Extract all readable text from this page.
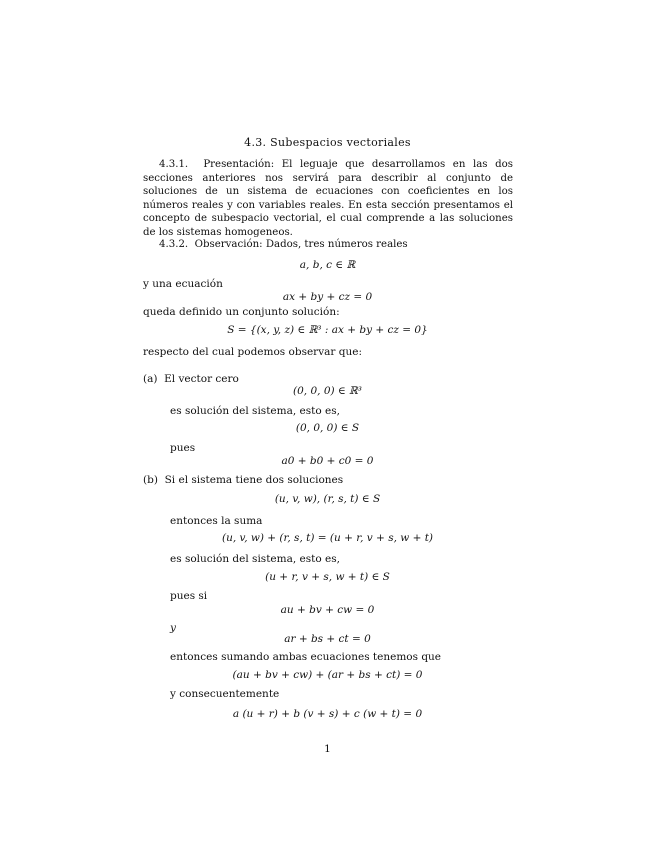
4.3. Subespacios vectoriales
4.3.1. Presentación: El leguaje que desarrollamos en las dos secciones anteriores nos servirá para describir al conjunto de soluciones de un sistema de ecuaciones con coeficientes en los números reales y con variables reales. En esta sección presentamos el concepto de subespacio vectorial, el cual comprende a las soluciones de los sistemas homogeneos.
4.3.2. Observación: Dados, tres números reales
a, b, c ∈ ℝ
y una ecuación
ax + by + cz = 0
queda definido un conjunto solución:
S = {(x, y, z) ∈ ℝ³ : ax + by + cz = 0}
respecto del cual podemos observar que:
(a) El vector cero
(0, 0, 0) ∈ ℝ³
es solución del sistema, esto es,
(0, 0, 0) ∈ S
pues
a0 + b0 + c0 = 0
(b) Si el sistema tiene dos soluciones
(u, v, w), (r, s, t) ∈ S
entonces la suma
(u, v, w) + (r, s, t) = (u + r, v + s, w + t)
es solución del sistema, esto es,
(u + r, v + s, w + t) ∈ S
pues si
au + bv + cw = 0
y
ar + bs + ct = 0
entonces sumando ambas ecuaciones tenemos que
(au + bv + cw) + (ar + bs + ct) = 0
y consecuentemente
a (u + r) + b (v + s) + c (w + t) = 0
1
